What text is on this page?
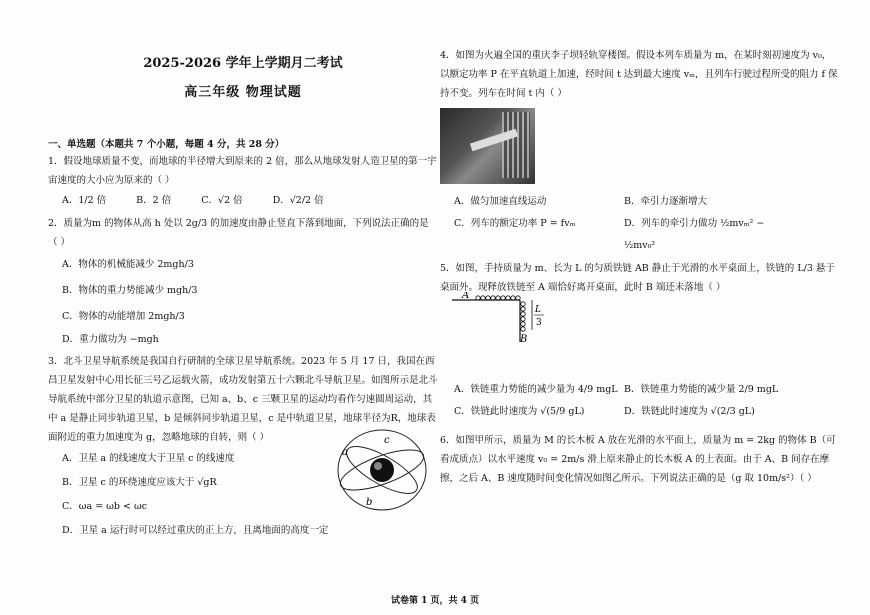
2025-2026 学年上学期月二考试

高三年级 物理试题

一、单选题（本题共 7 个小题，每题 4 分，共 28 分）
1．假设地球质量不变，而地球的半径增大到原来的 2 倍，那么从地球发射人造卫星的第一宇宙速度的大小应为原来的（ ）
A．1/2 倍	B．2 倍	C．√2 倍	D．√2/2 倍
2．质量为m 的物体从高 h 处以 2g/3 的加速度由静止竖直下落到地面，下列说法正确的是（ ）
A．物体的机械能减少 2mgh/3
B．物体的重力势能减少 mgh/3
C．物体的动能增加 2mgh/3
D．重力做功为 −mgh
3．北斗卫星导航系统是我国自行研制的全球卫星导航系统。2023 年 5 月 17 日，我国在西昌卫星发射中心用长征三号乙运载火箭，成功发射第五十六颗北斗导航卫星。如图所示是北斗导航系统中部分卫星的轨道示意图，已知 a、b、c 三颗卫星的运动均看作匀速圆周运动，其中 a 是静止同步轨道卫星，b 是倾斜同步轨道卫星，c 是中轨道卫星，地球半径为R，地球表面附近的重力加速度为 g，忽略地球的自转，则（ ）
A．卫星 a 的线速度大于卫星 c 的线速度
B．卫星 c 的环绕速度应该大于 √gR
C．ωa = ωb < ωc
D．卫星 a 运行时可以经过重庆的正上方，且离地面的高度一定
a
c
b
4．如图为火遍全国的重庆李子坝轻轨穿楼图。假设本列车质量为 m，在某时刻初速度为 v₀，以额定功率 P 在平直轨道上加速，经时间 t 达到最大速度 vₘ，且列车行驶过程所受的阻力 f 保持不变。列车在时间 t 内（ ）
A．做匀加速直线运动	B．牵引力逐渐增大
C．列车的额定功率 P = fvₘ	D．列车的牵引力做功 ½mvₘ² − ½mv₀²
5．如图，手持质量为 m、长为 L 的匀质铁链 AB 静止于光滑的水平桌面上，铁链的 L/3 悬于桌面外。现释放铁链至 A 端恰好离开桌面，此时 B 端还未落地（ ）
A．铁链重力势能的减少量为 4/9 mgL B．铁链重力势能的减少量 2/9 mgL
C．铁链此时速度为 √(5/9 gL)	D．铁链此时速度为 √(2/3 gL)
6．如图甲所示，质量为 M 的长木板 A 放在光滑的水平面上，质量为 m = 2kg 的物体 B（可看成质点）以水平速度 v₀ = 2m/s 滑上原来静止的长木板 A 的上表面。由于 A、B 间存在摩擦，之后 A、B 速度随时间变化情况如图乙所示。下列说法正确的是（g 取 10m/s²）（ ）
A
B
L
3
试卷第 1 页，共 4 页
